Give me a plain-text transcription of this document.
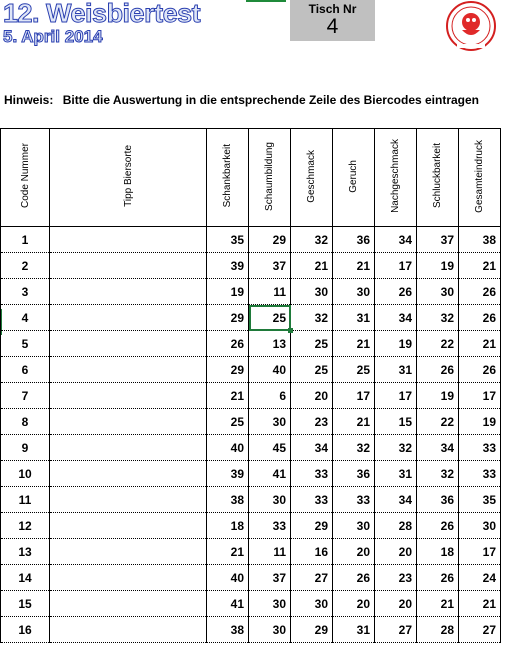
12. Weisbiertest
5. April 2014
Tisch Nr
4
Hinweis: Bitte die Auswertung in die entsprechende Zeile des Biercodes eintragen
Code Nummer	Tipp Biersorte	Schankbarkeit	Schaumbildung	Geschmack	Geruch	Nachgeschmack	Schluckbarkeit	Gesamteindruck
1		35	29	32	36	34	37	38
2		39	37	21	21	17	19	21
3		19	11	30	30	26	30	26
4		29	25	32	31	34	32	26
5		26	13	25	21	19	22	21
6		29	40	25	25	31	26	26
7		21	6	20	17	17	19	17
8		25	30	23	21	15	22	19
9		40	45	34	32	32	34	33
10		39	41	33	36	31	32	33
11		38	30	33	33	34	36	35
12		18	33	29	30	28	26	30
13		21	11	16	20	20	18	17
14		40	37	27	26	23	26	24
15		41	30	30	20	20	21	21
16		38	30	29	31	27	28	27
